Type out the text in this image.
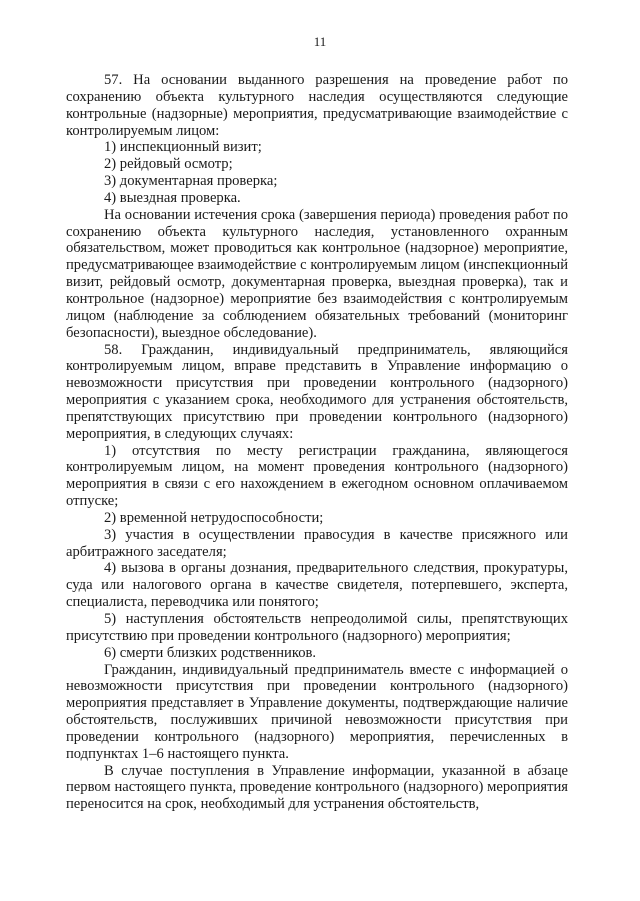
11

57. На основании выданного разрешения на проведение работ по сохранению объекта культурного наследия осуществляются следующие контрольные (надзорные) мероприятия, предусматривающие взаимодействие с контролируемым лицом:

1) инспекционный визит;

2) рейдовый осмотр;

3) документарная проверка;

4) выездная проверка.

На основании истечения срока (завершения периода) проведения работ по сохранению объекта культурного наследия, установленного охранным обязательством, может проводиться как контрольное (надзорное) мероприятие, предусматривающее взаимодействие с контролируемым лицом (инспекционный визит, рейдовый осмотр, документарная проверка, выездная проверка), так и контрольное (надзорное) мероприятие без взаимодействия с контролируемым лицом (наблюдение за соблюдением обязательных требований (мониторинг безопасности), выездное обследование).

58. Гражданин, индивидуальный предприниматель, являющийся контролируемым лицом, вправе представить в Управление информацию о невозможности присутствия при проведении контрольного (надзорного) мероприятия с указанием срока, необходимого для устранения обстоятельств, препятствующих присутствию при проведении контрольного (надзорного) мероприятия, в следующих случаях:

1) отсутствия по месту регистрации гражданина, являющегося контролируемым лицом, на момент проведения контрольного (надзорного) мероприятия в связи с его нахождением в ежегодном основном оплачиваемом отпуске;

2) временной нетрудоспособности;

3) участия в осуществлении правосудия в качестве присяжного или арбитражного заседателя;

4) вызова в органы дознания, предварительного следствия, прокуратуры, суда или налогового органа в качестве свидетеля, потерпевшего, эксперта, специалиста, переводчика или понятого;

5) наступления обстоятельств непреодолимой силы, препятствующих присутствию при проведении контрольного (надзорного) мероприятия;

6) смерти близких родственников.

Гражданин, индивидуальный предприниматель вместе с информацией о невозможности присутствия при проведении контрольного (надзорного) мероприятия представляет в Управление документы, подтверждающие наличие обстоятельств, послуживших причиной невозможности присутствия при проведении контрольного (надзорного) мероприятия, перечисленных в подпунктах 1–6 настоящего пункта.

В случае поступления в Управление информации, указанной в абзаце первом настоящего пункта, проведение контрольного (надзорного) мероприятия переносится на срок, необходимый для устранения обстоятельств,
